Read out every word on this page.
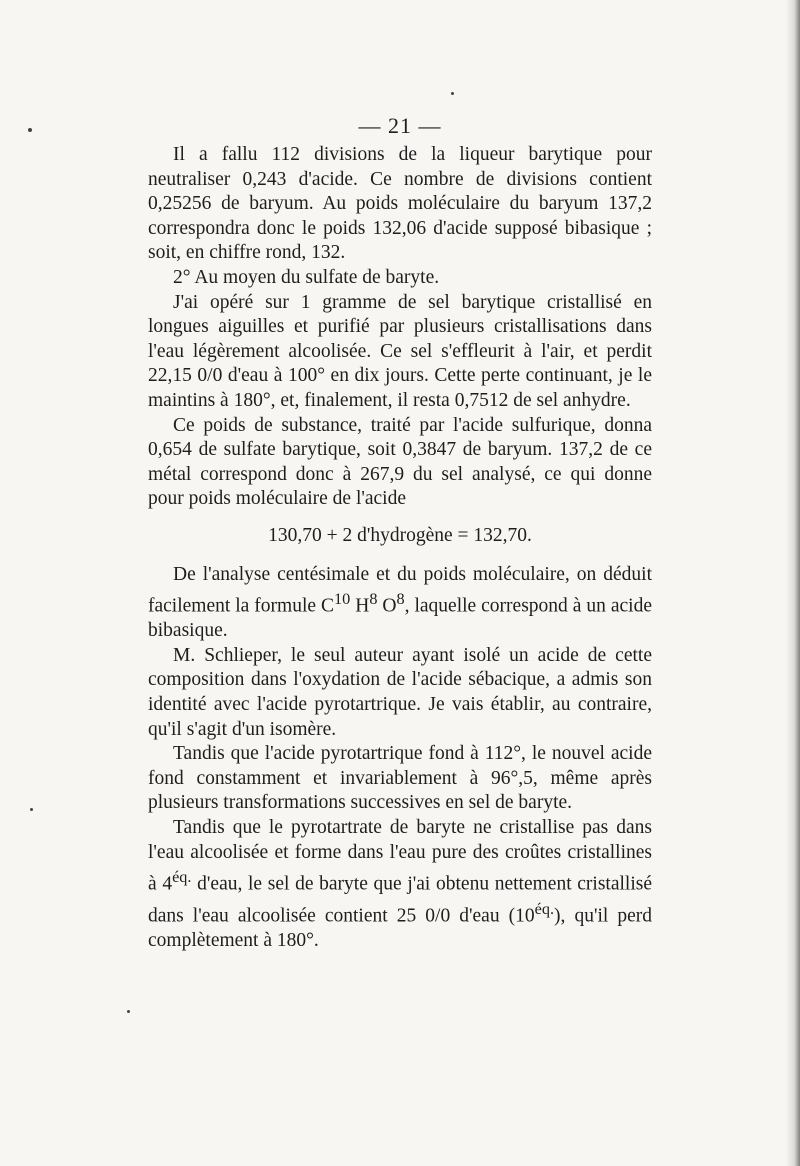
— 21 —

Il a fallu 112 divisions de la liqueur barytique pour neutraliser 0,243 d'acide. Ce nombre de divisions contient 0,25256 de baryum. Au poids moléculaire du baryum 137,2 correspondra donc le poids 132,06 d'acide supposé bibasique ; soit, en chiffre rond, 132.

2° Au moyen du sulfate de baryte.

J'ai opéré sur 1 gramme de sel barytique cristallisé en longues aiguilles et purifié par plusieurs cristallisations dans l'eau légèrement alcoolisée. Ce sel s'effleurit à l'air, et perdit 22,15 0/0 d'eau à 100° en dix jours. Cette perte continuant, je le maintins à 180°, et, finalement, il resta 0,7512 de sel anhydre.

Ce poids de substance, traité par l'acide sulfurique, donna 0,654 de sulfate barytique, soit 0,3847 de baryum. 137,2 de ce métal correspond donc à 267,9 du sel analysé, ce qui donne pour poids moléculaire de l'acide

130,70 + 2 d'hydrogène = 132,70.

De l'analyse centésimale et du poids moléculaire, on déduit facilement la formule $C^{10}$ $H^8$ $O^8$, laquelle correspond à un acide bibasique.

M. Schlieper, le seul auteur ayant isolé un acide de cette composition dans l'oxydation de l'acide sébacique, a admis son identité avec l'acide pyrotartrique. Je vais établir, au contraire, qu'il s'agit d'un isomère.

Tandis que l'acide pyrotartrique fond à 112°, le nouvel acide fond constamment et invariablement à 96°,5, même après plusieurs transformations successives en sel de baryte.

Tandis que le pyrotartrate de baryte ne cristallise pas dans l'eau alcoolisée et forme dans l'eau pure des croûtes cristallines à $4^{éq.}$ d'eau, le sel de baryte que j'ai obtenu nettement cristallisé dans l'eau alcoolisée contient 25 0/0 d'eau $(10^{éq.})$, qu'il perd complètement à 180°.
